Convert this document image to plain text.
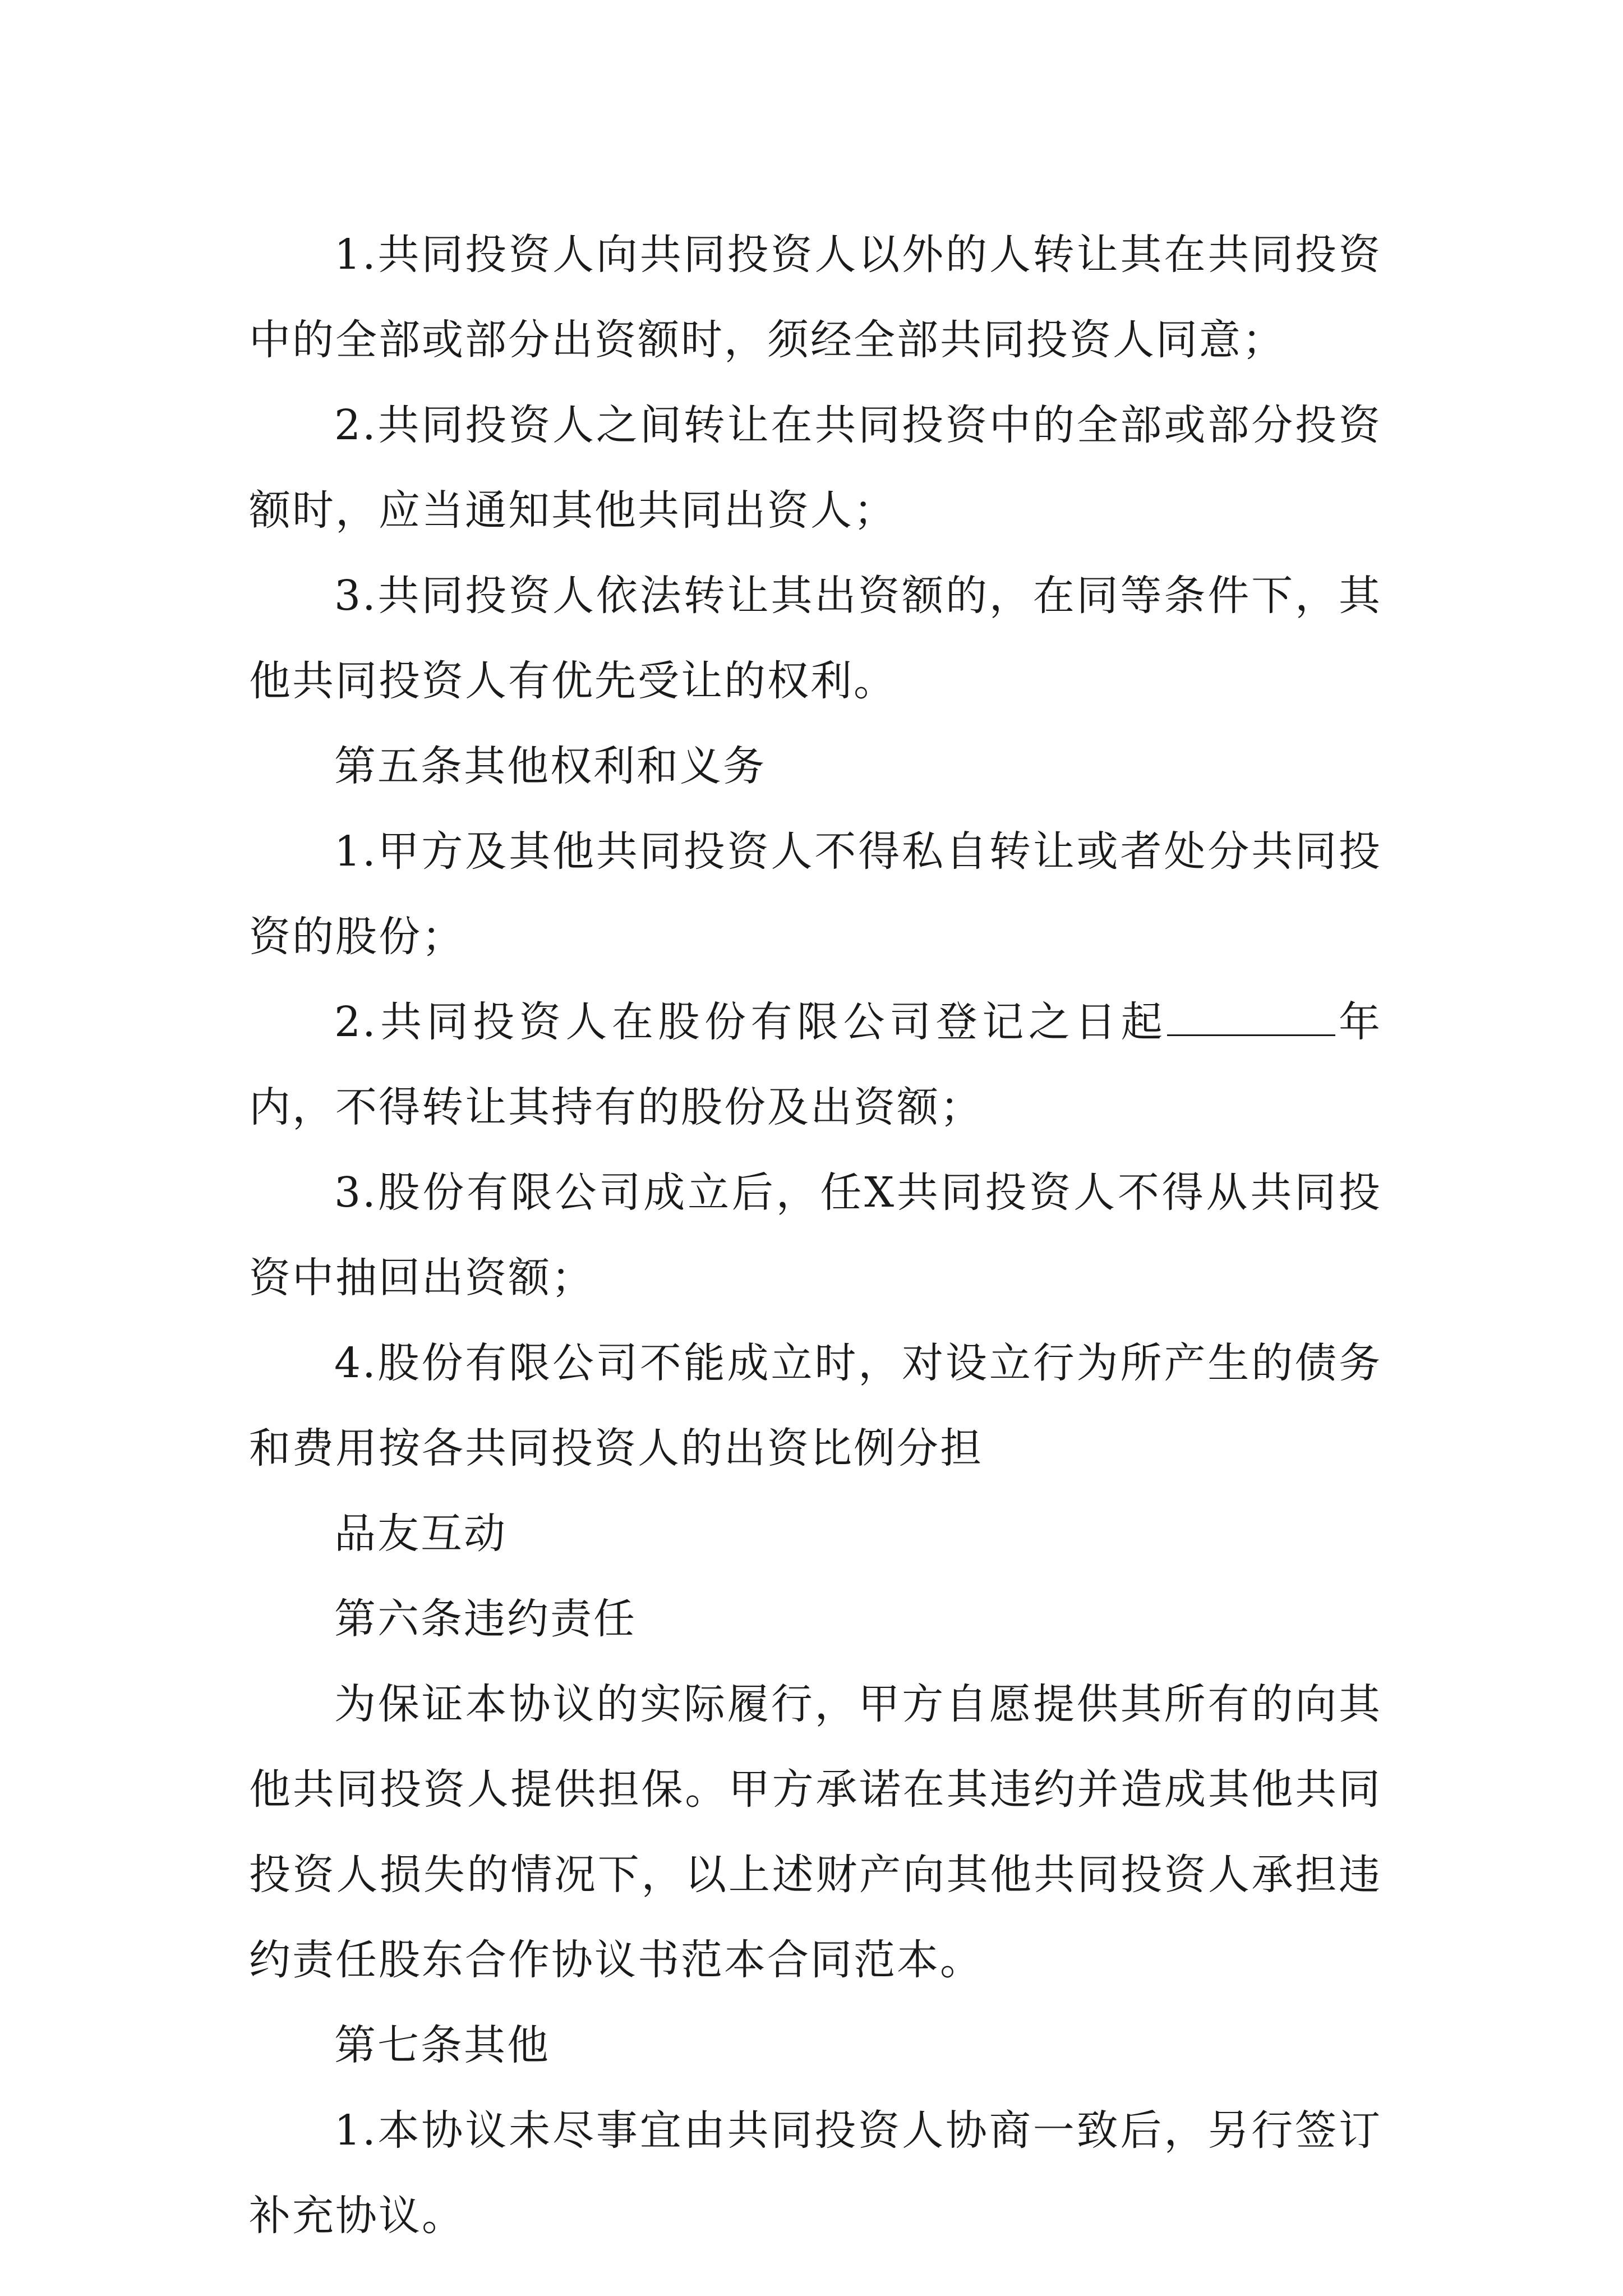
1.共同投资人向共同投资人以外的人转让其在共同投资中的全部或部分出资额时，须经全部共同投资人同意；

2.共同投资人之间转让在共同投资中的全部或部分投资额时，应当通知其他共同出资人；

3.共同投资人依法转让其出资额的，在同等条件下，其他共同投资人有优先受让的权利。

第五条其他权利和义务

1.甲方及其他共同投资人不得私自转让或者处分共同投资的股份；

2.共同投资人在股份有限公司登记之日起	年内，不得转让其持有的股份及出资额；

3.股份有限公司成立后，任X共同投资人不得从共同投资中抽回出资额；

4.股份有限公司不能成立时，对设立行为所产生的债务和费用按各共同投资人的出资比例分担

品友互动

第六条违约责任

为保证本协议的实际履行，甲方自愿提供其所有的向其他共同投资人提供担保。甲方承诺在其违约并造成其他共同投资人损失的情况下，以上述财产向其他共同投资人承担违约责任股东合作协议书范本合同范本。

第七条其他

1.本协议未尽事宜由共同投资人协商一致后，另行签订补充协议。
